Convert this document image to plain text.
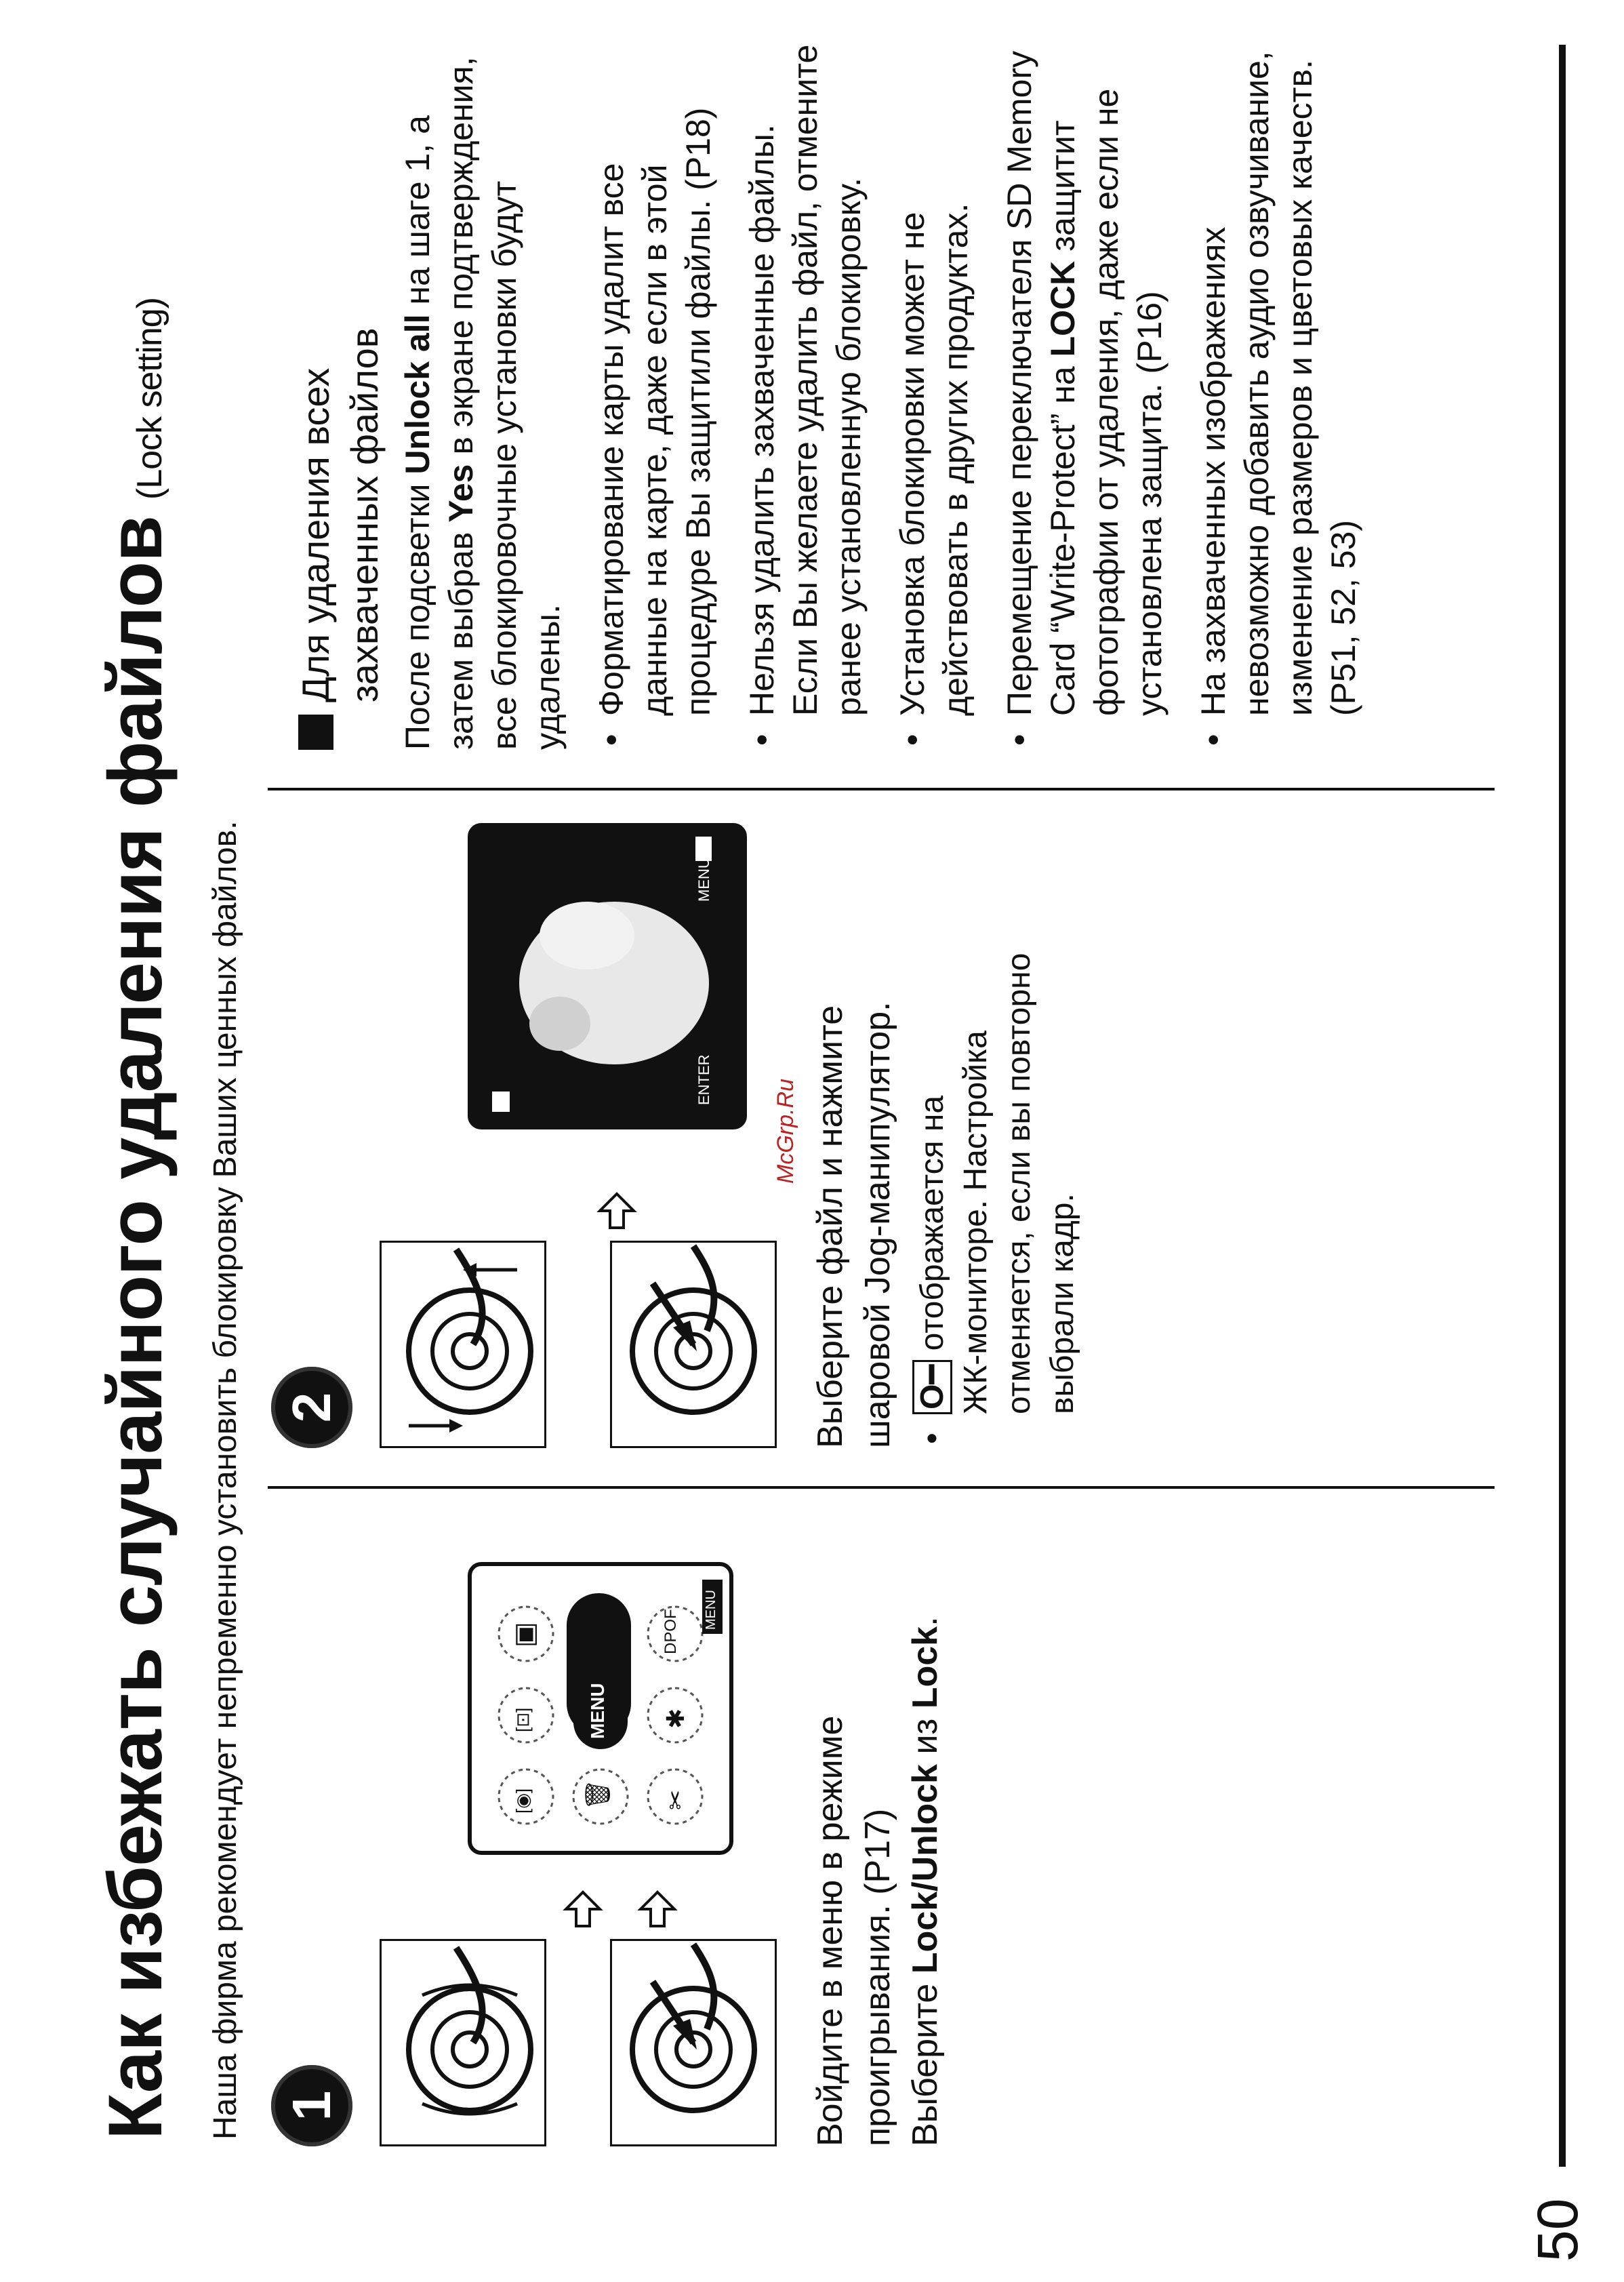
Как избежать случайного удаления файлов(Lock setting)
Наша фирма рекомендует непременно установить блокировку Ваших ценных файлов. 1
[◉]
[⊡]
▣
🗑
MENU
DPOF
✂
✱
MENU
Войдите в меню в режиме проигрывания. (P17) Выберите Lock/Unlock из Lock.
2
ENTER
MENU
Выберите файл и нажмите шаровой Jog-манипулятор. • O━ отображается на ЖК-мониторе. Настройка отменяется, если вы повторно выбрали кадр.
Для удаления всех захваченных файлов После подсветки Unlock all на шаге 1, а затем выбрав Yes в экране подтверждения, все блокировочные установки будут удалены. • Форматирование карты удалит все данные на карте, даже если в этой процедуре Вы защитили файлы. (P18) • Нельзя удалить захваченные файлы. Если Вы желаете удалить файл, отмените ранее установленную блокировку. • Установка блокировки может не действовать в других продуктах. • Перемещение переключателя SD Memory Card “Write-Protect” на LOCK защитит фотографии от удаления, даже если не установлена защита. (P16) • На захваченных изображениях невозможно добавить аудио озвучивание, изменение размеров и цветовых качеств. (P51, 52, 53)

McGrp.Ru
50
